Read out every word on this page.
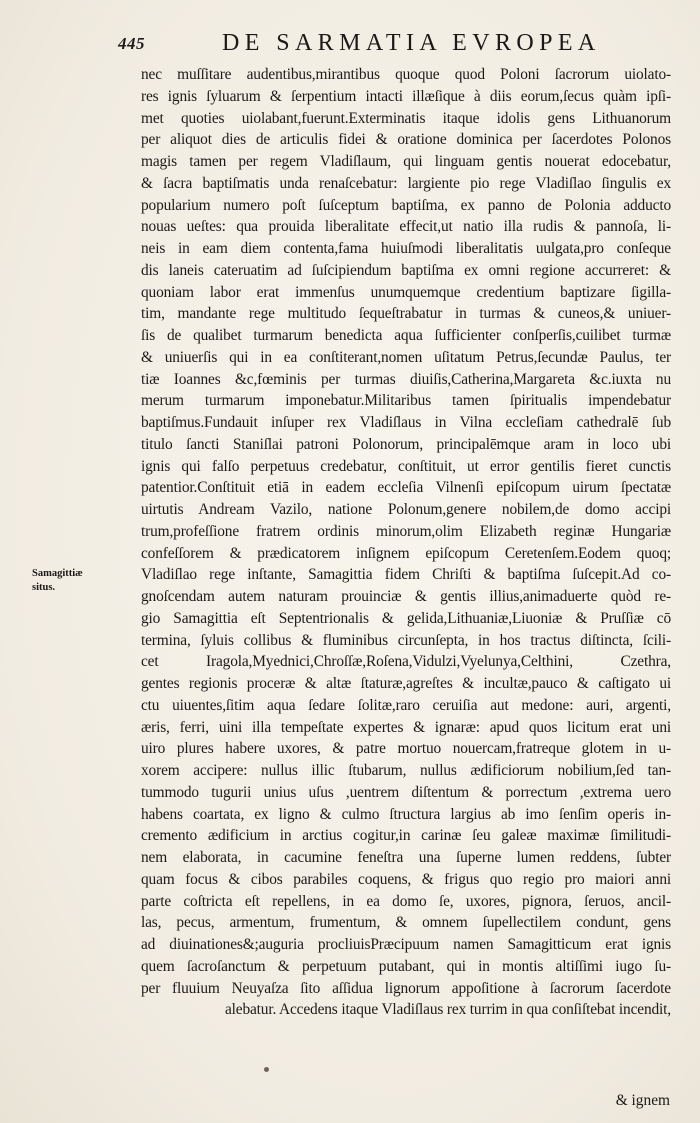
445	DE SARMATIA EVROPEA
Samagittiæ
situs.
nec muſſitare audentibus,mirantibus quoque quod Poloni ſacrorum uiolato-
res ignis ſyluarum & ſerpentium intacti illæſique à diis eorum,ſecus quàm ipſi-
met quoties uiolabant,fuerunt.Exterminatis itaque idolis gens Lithuanorum
per aliquot dies de articulis fidei & oratione dominica per ſacerdotes Polonos
magis tamen per regem Vladiſlaum, qui linguam gentis nouerat edocebatur,
& ſacra baptiſmatis unda renaſcebatur: largiente pio rege Vladiſlao ſingulis ex
popularium numero poſt ſuſceptum baptiſma, ex panno de Polonia adducto
nouas ueſtes: qua prouida liberalitate effecit,ut natio illa rudis & pannoſa, li-
neis in eam diem contenta,fama huiuſmodi liberalitatis uulgata,pro conſeque
dis laneis cateruatim ad ſuſcipiendum baptiſma ex omni regione accurreret: &
quoniam labor erat immenſus unumquemque credentium baptizare ſigilla-
tim, mandante rege multitudo ſequeſtrabatur in turmas & cuneos,& uniuer-
ſis de qualibet turmarum benedicta aqua ſufficienter conſperſis,cuilibet turmæ
& uniuerſis qui in ea conſtiterant,nomen uſitatum Petrus,ſecundæ Paulus, ter
tiæ Ioannes &c,fœminis per turmas diuiſis,Catherina,Margareta &c.iuxta nu
merum turmarum imponebatur.Militaribus tamen ſpiritualis impendebatur
baptiſmus.Fundauit inſuper rex Vladiſlaus in Vilna eccleſiam cathedralē ſub
titulo ſancti Staniſlai patroni Polonorum, principalēmque aram in loco ubi
ignis qui falſo perpetuus credebatur, conſtituit, ut error gentilis fieret cunctis
patentior.Conſtituit etiā in eadem eccleſia Vilnenſi epiſcopum uirum ſpectatæ
uirtutis Andream Vazilo, natione Polonum,genere nobilem,de domo accipi
trum,profeſſione fratrem ordinis minorum,olim Elizabeth reginæ Hungariæ
confeſſorem & prædicatorem inſignem epiſcopum Ceretenſem.Eodem quoq;
Vladiſlao rege inſtante, Samagittia fidem Chriſti & baptiſma ſuſcepit.Ad co-
gnoſcendam autem naturam prouinciæ & gentis illius,animaduerte quòd re-
gio Samagittia eſt Septentrionalis & gelida,Lithuaniæ,Liuoniæ & Pruſſiæ cō
termina, ſyluis collibus & fluminibus circunſepta, in hos tractus diſtincta, ſcili-
cet Iragola,Myednici,Chroſſæ,Roſena,Vidulzi,Vyelunya,Celthini, Czethra,
gentes regionis proceræ & altæ ſtaturæ,agreſtes & incultæ,pauco & caſtigato ui
ctu uiuentes,ſitim aqua ſedare ſolitæ,raro ceruiſia aut medone: auri, argenti,
æris, ferri, uini illa tempeſtate expertes & ignaræ: apud quos licitum erat uni
uiro plures habere uxores, & patre mortuo nouercam,fratreque glotem in u-
xorem accipere: nullus illic ſtubarum, nullus ædificiorum nobilium,ſed tan-
tummodo tugurii unius uſus ,uentrem diſtentum & porrectum ,extrema uero
habens coartata, ex ligno & culmo ſtructura largius ab imo ſenſim operis in-
cremento ædificium in arctius cogitur,in carinæ ſeu galeæ maximæ ſimilitudi-
nem elaborata, in cacumine feneſtra una ſuperne lumen reddens, ſubter
quam focus & cibos parabiles coquens, & frigus quo regio pro maiori anni
parte coſtricta eſt repellens, in ea domo ſe, uxores, pignora, ſeruos, ancil-
las, pecus, armentum, frumentum, & omnem ſupellectilem condunt, gens
ad diuinationes&;auguria procliuisPræcipuum namen Samagitticum erat ignis
quem ſacroſanctum & perpetuum putabant, qui in montis altiſſimi iugo ſu-
per fluuium Neuyaſza ſito aſſidua lignorum appoſitione à ſacrorum ſacerdote
alebatur. Accedens itaque Vladiſlaus rex turrim in qua conſiſtebat incendit,
& ignem
